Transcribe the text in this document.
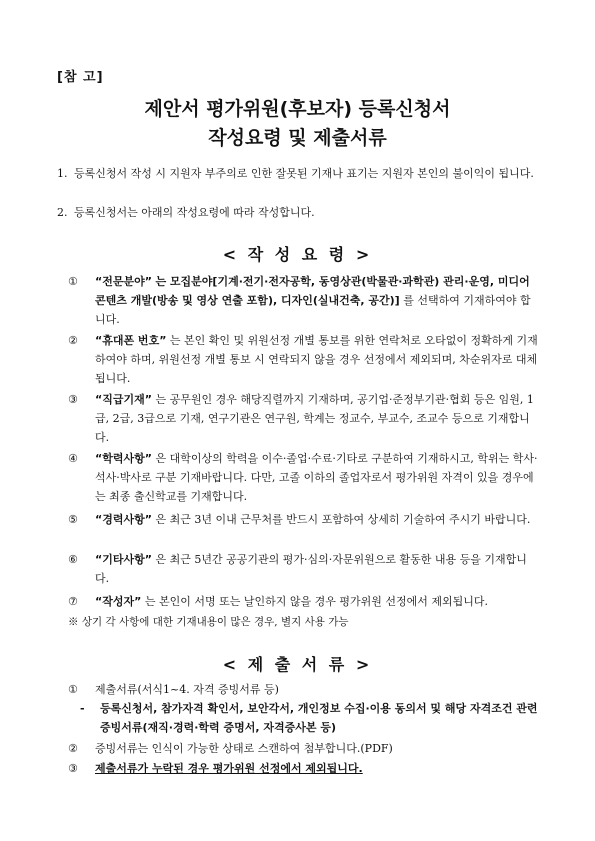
[참 고]
제안서 평가위원(후보자) 등록신청서
작성요령 및 제출서류
1. 등록신청서 작성 시 지원자 부주의로 인한 잘못된 기재나 표기는 지원자 본인의 불이익이 됩니다.
2. 등록신청서는 아래의 작성요령에 따라 작성합니다.
< 작 성 요 령 >
①	“전문분야” 는 모집분야[기계·전기·전자공학, 동영상관(박물관·과학관) 관리·운영, 미디어 콘텐츠 개발(방송 및 영상 연출 포함), 디자인(실내건축, 공간)] 를 선택하여 기재하여야 합니다.
②	“휴대폰 번호” 는 본인 확인 및 위원선정 개별 통보를 위한 연락처로 오타없이 정확하게 기재하여야 하며, 위원선정 개별 통보 시 연락되지 않을 경우 선정에서 제외되며, 차순위자로 대체됩니다.
③	“직급기재” 는 공무원인 경우 해당직렬까지 기재하며, 공기업·준정부기관·협회 등은 임원, 1급, 2급, 3급으로 기재, 연구기관은 연구원, 학계는 정교수, 부교수, 조교수 등으로 기재합니다.
④	“학력사항” 은 대학이상의 학력을 이수·졸업·수료·기타로 구분하여 기재하시고, 학위는 학사·석사·박사로 구분 기재바랍니다. 다만, 고졸 이하의 졸업자로서 평가위원 자격이 있을 경우에는 최종 출신학교를 기재합니다.
⑤	“경력사항” 은 최근 3년 이내 근무처를 반드시 포함하여 상세히 기술하여 주시기 바랍니다.
⑥	“기타사항” 은 최근 5년간 공공기관의 평가·심의·자문위원으로 활동한 내용 등을 기재합니다.
⑦	“작성자” 는 본인이 서명 또는 날인하지 않을 경우 평가위원 선정에서 제외됩니다.
※ 상기 각 사항에 대한 기재내용이 많은 경우, 별지 사용 가능
< 제 출 서 류 >
①	제출서류(서식1~4. 자격 증빙서류 등)
-	등록신청서, 참가자격 확인서, 보안각서, 개인정보 수집·이용 동의서 및 해당 자격조건 관련 증빙서류(재직·경력·학력 증명서, 자격증사본 등)
②	증빙서류는 인식이 가능한 상태로 스캔하여 첨부합니다.(PDF)
③	제출서류가 누락된 경우 평가위원 선정에서 제외됩니다.
